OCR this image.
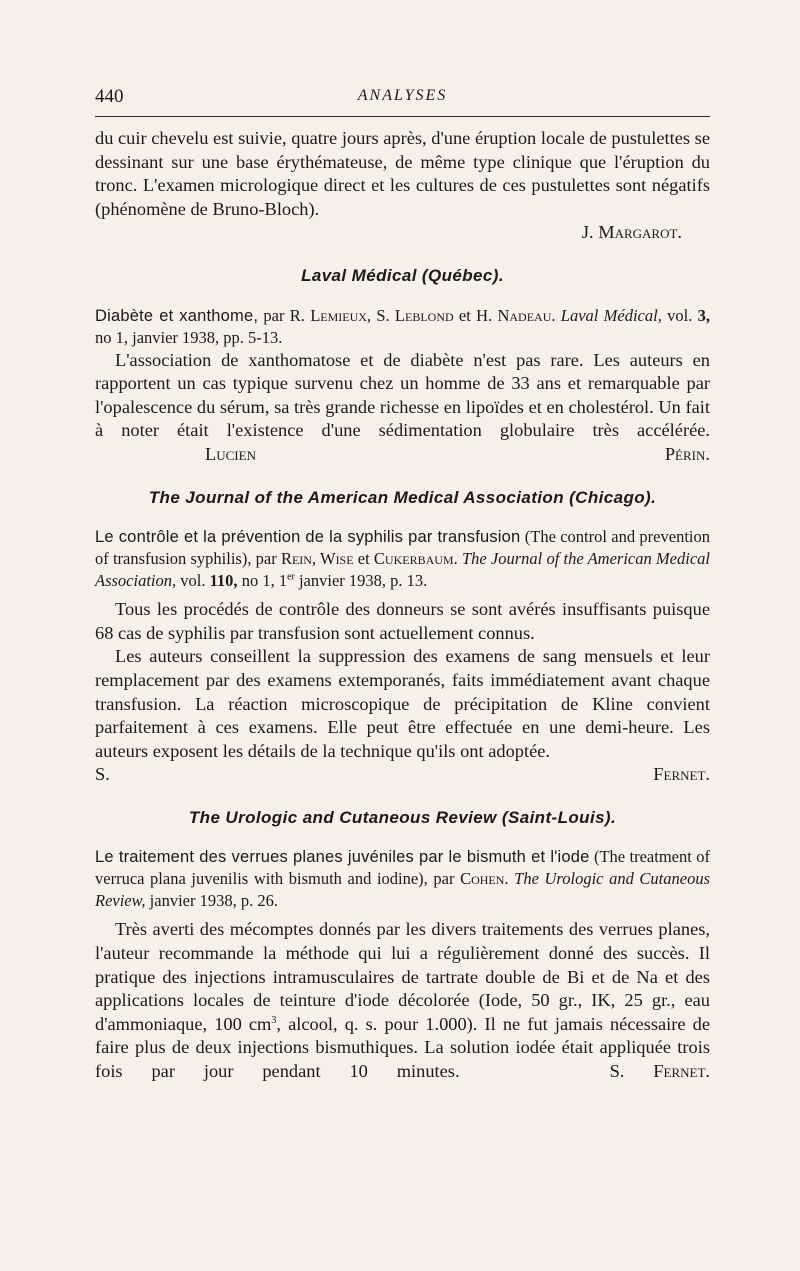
440	ANALYSES

du cuir chevelu est suivie, quatre jours après, d'une éruption locale de pustulettes se dessinant sur une base érythémateuse, de même type clinique que l'éruption du tronc. L'examen micrologique direct et les cultures de ces pustulettes sont négatifs (phénomène de Bruno-Bloch).

J. Margarot.

Laval Médical (Québec).

Diabète et xanthome, par R. Lemieux, S. Leblond et H. Nadeau. Laval Médical, vol. 3, no 1, janvier 1938, pp. 5-13.

L'association de xanthomatose et de diabète n'est pas rare. Les auteurs en rapportent un cas typique survenu chez un homme de 33 ans et remarquable par l'opalescence du sérum, sa très grande richesse en lipoïdes et en cholestérol. Un fait à noter était l'existence d'une sédimentation globulaire très accélérée.Lucien Périn.

The Journal of the American Medical Association (Chicago).

Le contrôle et la prévention de la syphilis par transfusion (The control and prevention of transfusion syphilis), par Rein, Wise et Cukerbaum. The Journal of the American Medical Association, vol. 110, no 1, 1er janvier 1938, p. 13.

Tous les procédés de contrôle des donneurs se sont avérés insuffisants puisque 68 cas de syphilis par transfusion sont actuellement connus.

Les auteurs conseillent la suppression des examens de sang mensuels et leur remplacement par des examens extemporanés, faits immédiatement avant chaque transfusion. La réaction microscopique de précipitation de Kline convient parfaitement à ces examens. Elle peut être effectuée en une demi-heure. Les auteurs exposent les détails de la technique qu'ils ont adoptée.S. Fernet.

The Urologic and Cutaneous Review (Saint-Louis).

Le traitement des verrues planes juvéniles par le bismuth et l'iode (The treatment of verruca plana juvenilis with bismuth and iodine), par Cohen. The Urologic and Cutaneous Review, janvier 1938, p. 26.

Très averti des mécomptes donnés par les divers traitements des verrues planes, l'auteur recommande la méthode qui lui a régulièrement donné des succès. Il pratique des injections intramusculaires de tartrate double de Bi et de Na et des applications locales de teinture d'iode décolorée (Iode, 50 gr., IK, 25 gr., eau d'ammoniaque, 100 $cm^3$, alcool, q. s. pour 1.000). Il ne fut jamais nécessaire de faire plus de deux injections bismuthiques. La solution iodée était appliquée trois fois par jour pendant 10 minutes.	S. Fernet.
